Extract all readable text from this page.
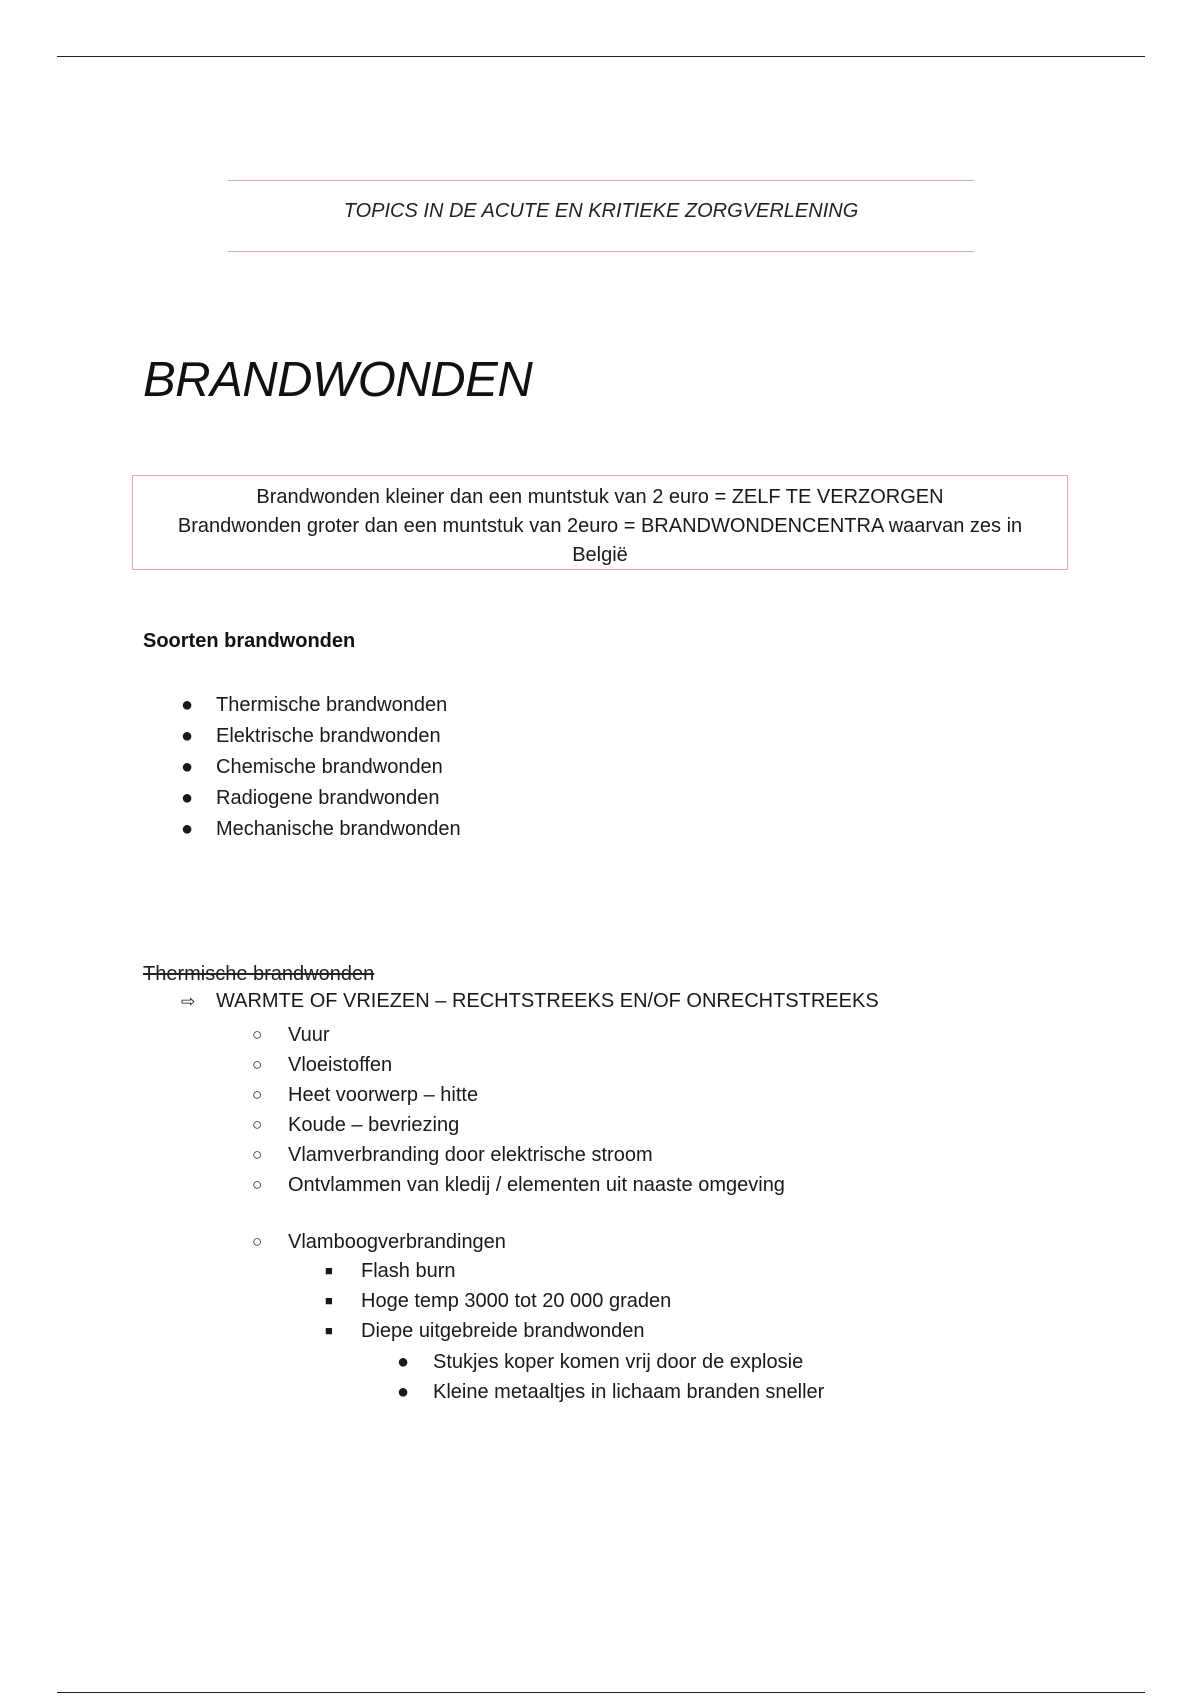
TOPICS IN DE ACUTE EN KRITIEKE ZORGVERLENING
BRANDWONDEN
Brandwonden kleiner dan een muntstuk van 2 euro = ZELF TE VERZORGEN
Brandwonden groter dan een muntstuk van 2euro = BRANDWONDENCENTRA waarvan zes in
België
Soorten brandwonden
● Thermische brandwonden
● Elektrische brandwonden
● Chemische brandwonden
● Radiogene brandwonden
● Mechanische brandwonden
Thermische brandwonden
⇨ WARMTE OF VRIEZEN – RECHTSTREEKS EN/OF ONRECHTSTREEKS
○ Vuur
○ Vloeistoffen
○ Heet voorwerp – hitte
○ Koude – bevriezing
○ Vlamverbranding door elektrische stroom
○ Ontvlammen van kledij / elementen uit naaste omgeving
○ Vlamboogverbrandingen
■ Flash burn
■ Hoge temp 3000 tot 20 000 graden
■ Diepe uitgebreide brandwonden
● Stukjes koper komen vrij door de explosie
● Kleine metaaltjes in lichaam branden sneller
